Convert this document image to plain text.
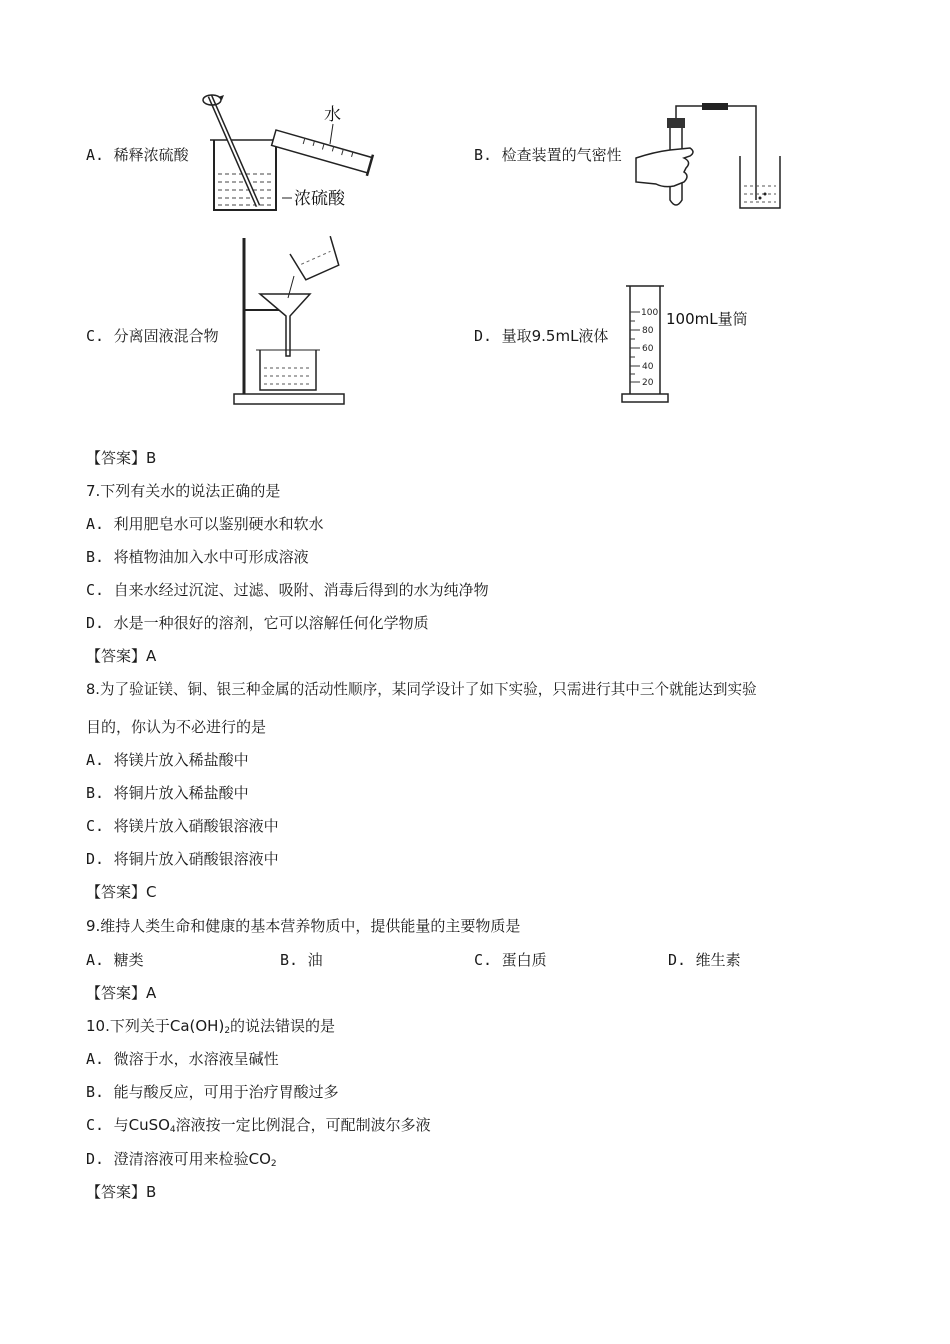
A. 稀释浓硫酸
水
浓硫酸
B. 检查装置的气密性
C. 分离固液混合物	D. 量取9.5mL液体
100
80
60
40
20
100mL量筒
【答案】B
7.下列有关水的说法正确的是
A. 利用肥皂水可以鉴别硬水和软水
B. 将植物油加入水中可形成溶液
C. 自来水经过沉淀、过滤、吸附、消毒后得到的水为纯净物
D. 水是一种很好的溶剂，它可以溶解任何化学物质
【答案】A
8.为了验证镁、铜、银三种金属的活动性顺序，某同学设计了如下实验，只需进行其中三个就能达到实验
目的，你认为不必进行的是
A. 将镁片放入稀盐酸中
B. 将铜片放入稀盐酸中
C. 将镁片放入硝酸银溶液中
D. 将铜片放入硝酸银溶液中
【答案】C
9.维持人类生命和健康的基本营养物质中，提供能量的主要物质是
A. 糖类	B. 油	C. 蛋白质	D. 维生素
【答案】A
10.下列关于$Ca(OH)_2$的说法错误的是
A. 微溶于水，水溶液呈碱性
B. 能与酸反应，可用于治疗胃酸过多
C. 与CuSO$_4$溶液按一定比例混合，可配制波尔多液
D. 澄清溶液可用来检验$CO_2$
【答案】B
